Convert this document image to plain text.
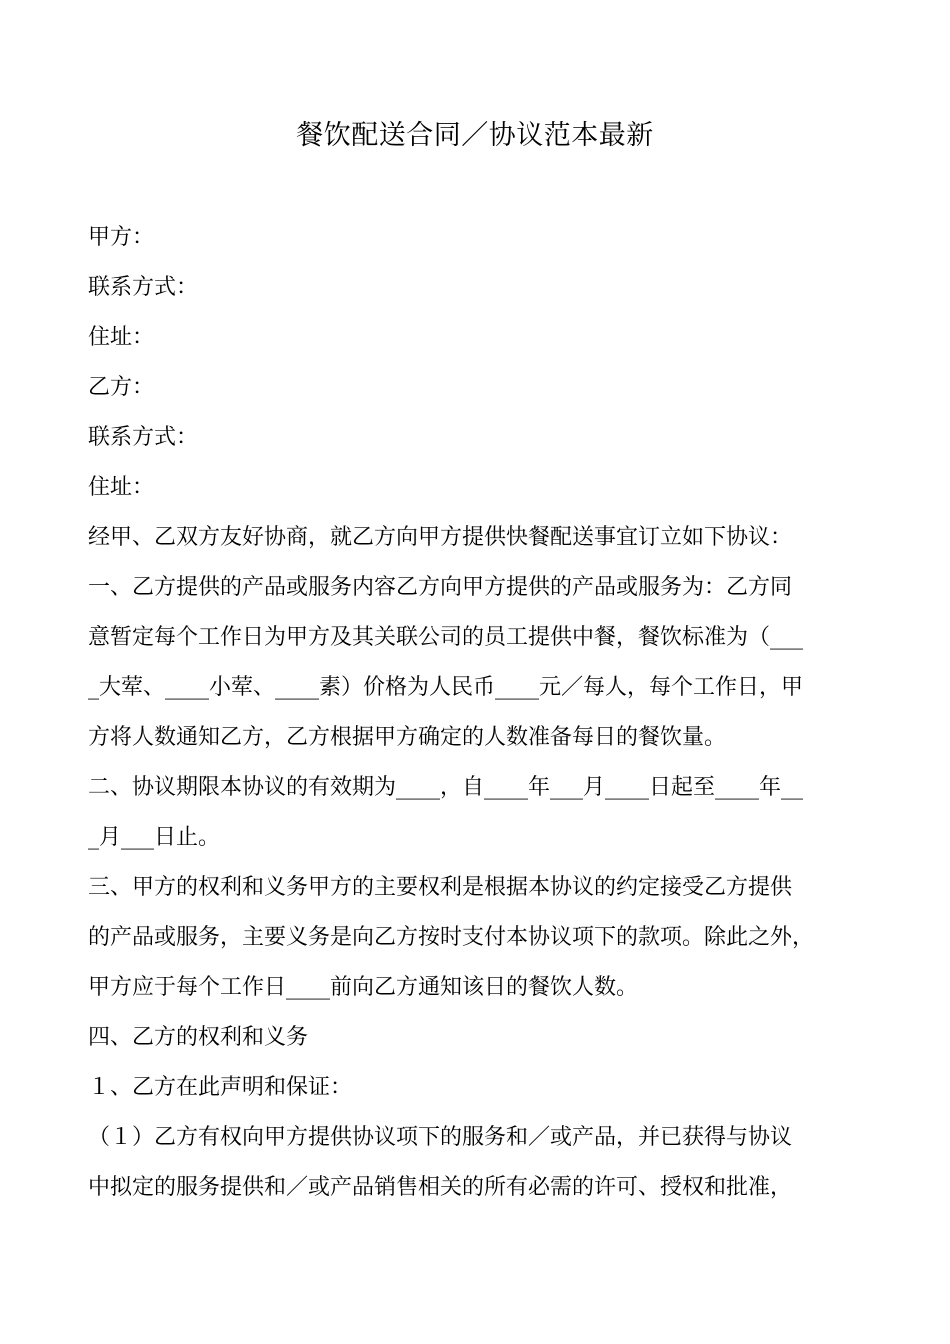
餐饮配送合同／协议范本最新
甲方：
联系方式：
住址：
乙方：
联系方式：
住址：
经甲、乙双方友好协商，就乙方向甲方提供快餐配送事宜订立如下协议：
一、乙方提供的产品或服务内容乙方向甲方提供的产品或服务为：乙方同
意暂定每个工作日为甲方及其关联公司的员工提供中餐，餐饮标准为（___
_大荤、____小荤、____素）价格为人民币____元／每人，每个工作日，甲
方将人数通知乙方，乙方根据甲方确定的人数准备每日的餐饮量。
二、协议期限本协议的有效期为____，自____年___月____日起至____年__
_月___日止。
三、甲方的权利和义务甲方的主要权利是根据本协议的约定接受乙方提供
的产品或服务，主要义务是向乙方按时支付本协议项下的款项。除此之外，
甲方应于每个工作日____前向乙方通知该日的餐饮人数。
四、乙方的权利和义务
１、乙方在此声明和保证：
（１）乙方有权向甲方提供协议项下的服务和／或产品，并已获得与协议
中拟定的服务提供和／或产品销售相关的所有必需的许可、授权和批准，
